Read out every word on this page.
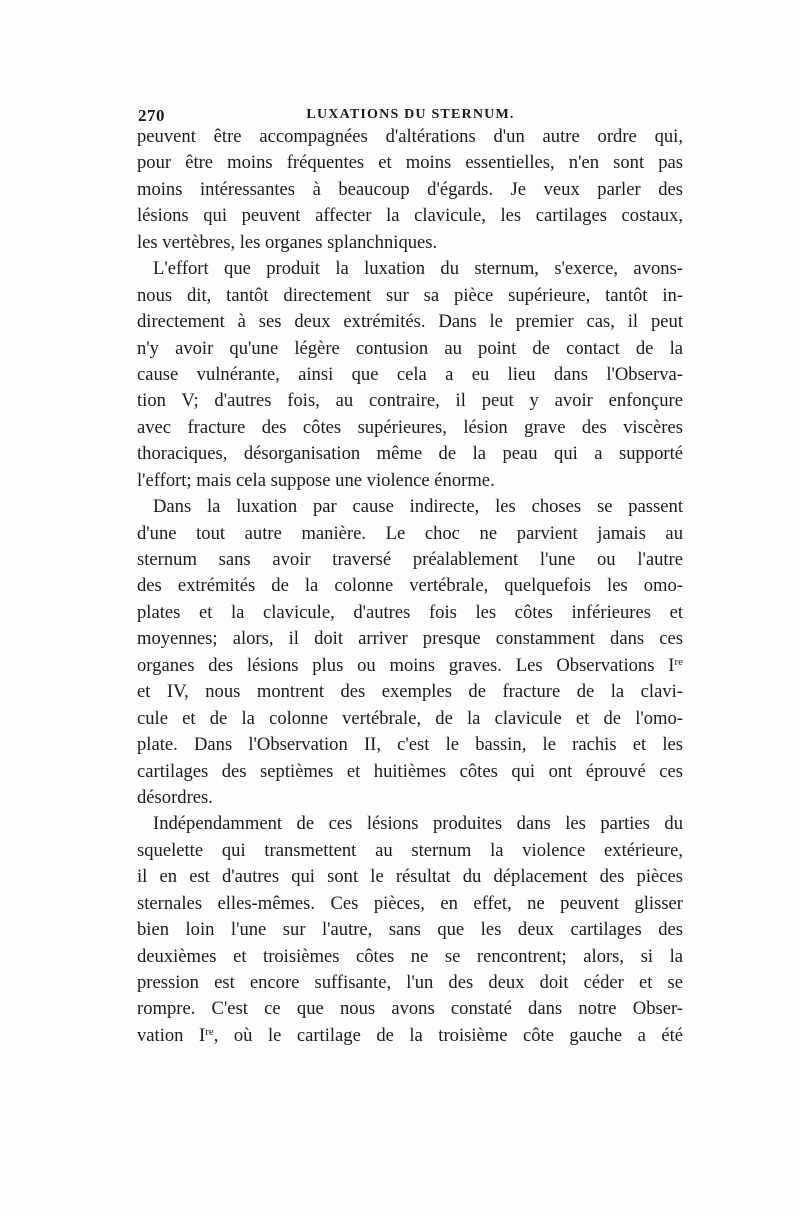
270	LUXATIONS DU STERNUM.
peuvent être accompagnées d'altérations d'un autre ordre qui,
pour être moins fréquentes et moins essentielles, n'en sont pas
moins intéressantes à beaucoup d'égards. Je veux parler des
lésions qui peuvent affecter la clavicule, les cartilages costaux,
les vertèbres, les organes splanchniques.
L'effort que produit la luxation du sternum, s'exerce, avons-
nous dit, tantôt directement sur sa pièce supérieure, tantôt in-
directement à ses deux extrémités. Dans le premier cas, il peut
n'y avoir qu'une légère contusion au point de contact de la
cause vulnérante, ainsi que cela a eu lieu dans l'Observa-
tion V; d'autres fois, au contraire, il peut y avoir enfonçure
avec fracture des côtes supérieures, lésion grave des viscères
thoraciques, désorganisation même de la peau qui a supporté
l'effort; mais cela suppose une violence énorme.
Dans la luxation par cause indirecte, les choses se passent
d'une tout autre manière. Le choc ne parvient jamais au
sternum sans avoir traversé préalablement l'une ou l'autre
des extrémités de la colonne vertébrale, quelquefois les omo-
plates et la clavicule, d'autres fois les côtes inférieures et
moyennes; alors, il doit arriver presque constamment dans ces
organes des lésions plus ou moins graves. Les Observations Ire
et IV, nous montrent des exemples de fracture de la clavi-
cule et de la colonne vertébrale, de la clavicule et de l'omo-
plate. Dans l'Observation II, c'est le bassin, le rachis et les
cartilages des septièmes et huitièmes côtes qui ont éprouvé ces
désordres.
Indépendamment de ces lésions produites dans les parties du
squelette qui transmettent au sternum la violence extérieure,
il en est d'autres qui sont le résultat du déplacement des pièces
sternales elles-mêmes. Ces pièces, en effet, ne peuvent glisser
bien loin l'une sur l'autre, sans que les deux cartilages des
deuxièmes et troisièmes côtes ne se rencontrent; alors, si la
pression est encore suffisante, l'un des deux doit céder et se
rompre. C'est ce que nous avons constaté dans notre Obser-
vation Ire, où le cartilage de la troisième côte gauche a été
